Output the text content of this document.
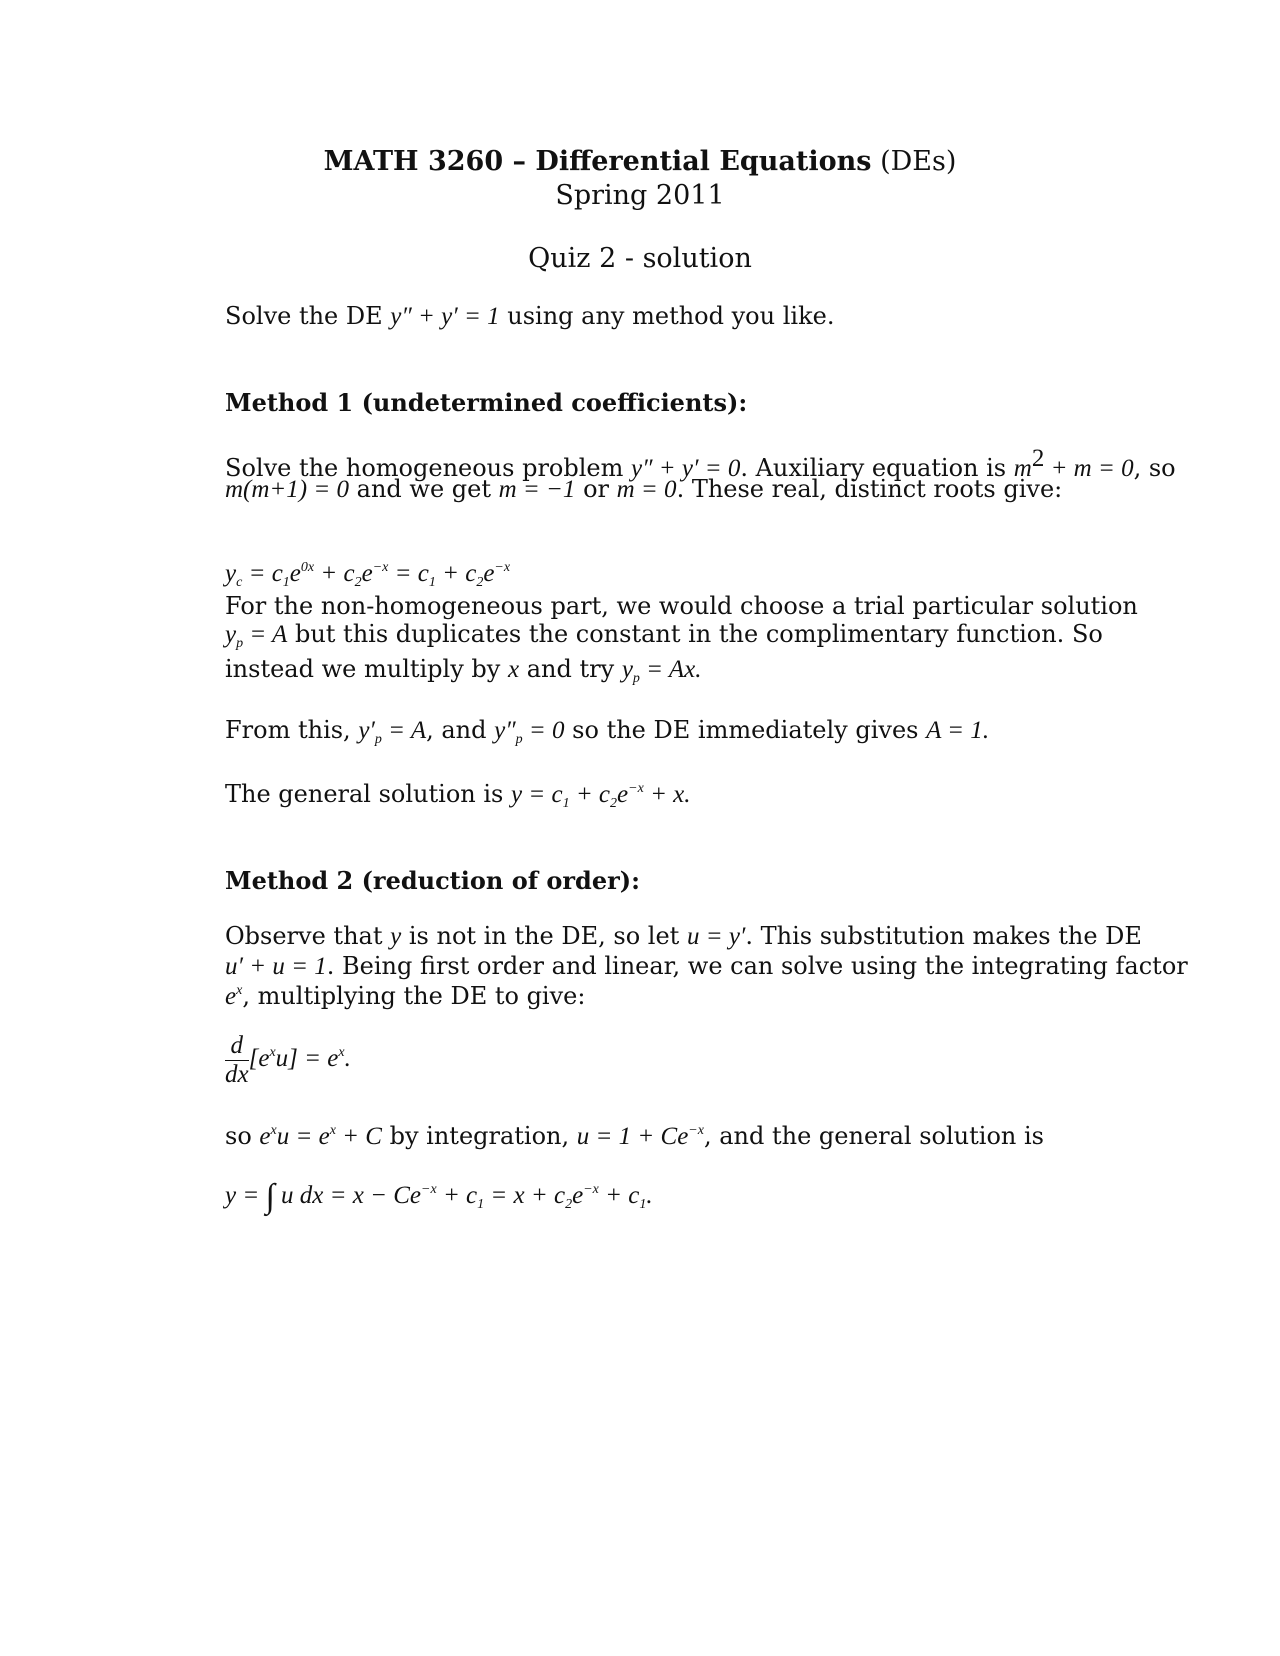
MATH 3260 – Differential Equations (DEs)
Spring 2011
Quiz 2 - solution
Solve the DE y″ + y′ = 1 using any method you like.
Method 1 (undetermined coefficients):
Solve the homogeneous problem y″ + y′ = 0. Auxiliary equation is $m^2 + m = 0$, so
m(m+1) = 0 and we get m = −1 or m = 0. These real, distinct roots give:
$y_c = c_1e^{0x} + c_2e^{-x} = c_1 + c_2e^{-x}$
For the non-homogeneous part, we would choose a trial particular solution
$y_p = A$ but this duplicates the constant in the complimentary function. So
instead we multiply by x and try $y_p = Ax$.
From this, $y'_p = A$, and $y''_p = 0$ so the DE immediately gives A = 1.
The general solution is $y = c_1 + c_2e^{-x} + x$.
Method 2 (reduction of order):
Observe that y is not in the DE, so let u = y′. This substitution makes the DE
u′ + u = 1. Being first order and linear, we can solve using the integrating factor
$e^x$, multiplying the DE to give:
$\frac{d}{dx} [e^xu] = e^x$.
so $e^xu = e^x + C$ by integration, $u = 1 + Ce^{-x}$, and the general solution is
y = ∫ u dx = $x - Ce^{-x} + c_1 = x + c_2e^{-x} + c_1$.
